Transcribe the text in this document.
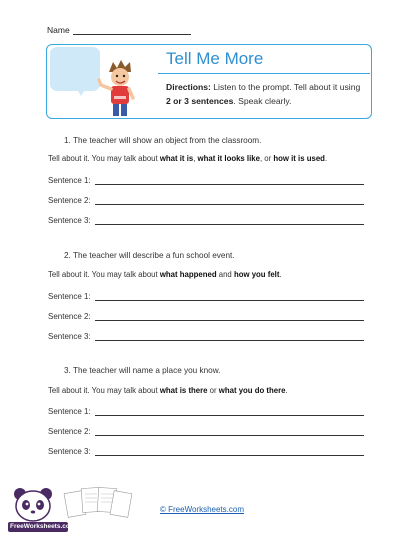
Name
Tell Me More
Directions: Listen to the prompt. Tell about it using 2 or 3 sentences. Speak clearly.
1. The teacher will show an object from the classroom.
Tell about it. You may talk about what it is, what it looks like, or how it is used.
Sentence 1:
Sentence 2:
Sentence 3:
2. The teacher will describe a fun school event.
Tell about it. You may talk about what happened and how you felt.
Sentence 1:
Sentence 2:
Sentence 3:
3. The teacher will name a place you know.
Tell about it. You may talk about what is there or what you do there.
Sentence 1:
Sentence 2:
Sentence 3:
FreeWorksheets.com
© FreeWorksheets.com
